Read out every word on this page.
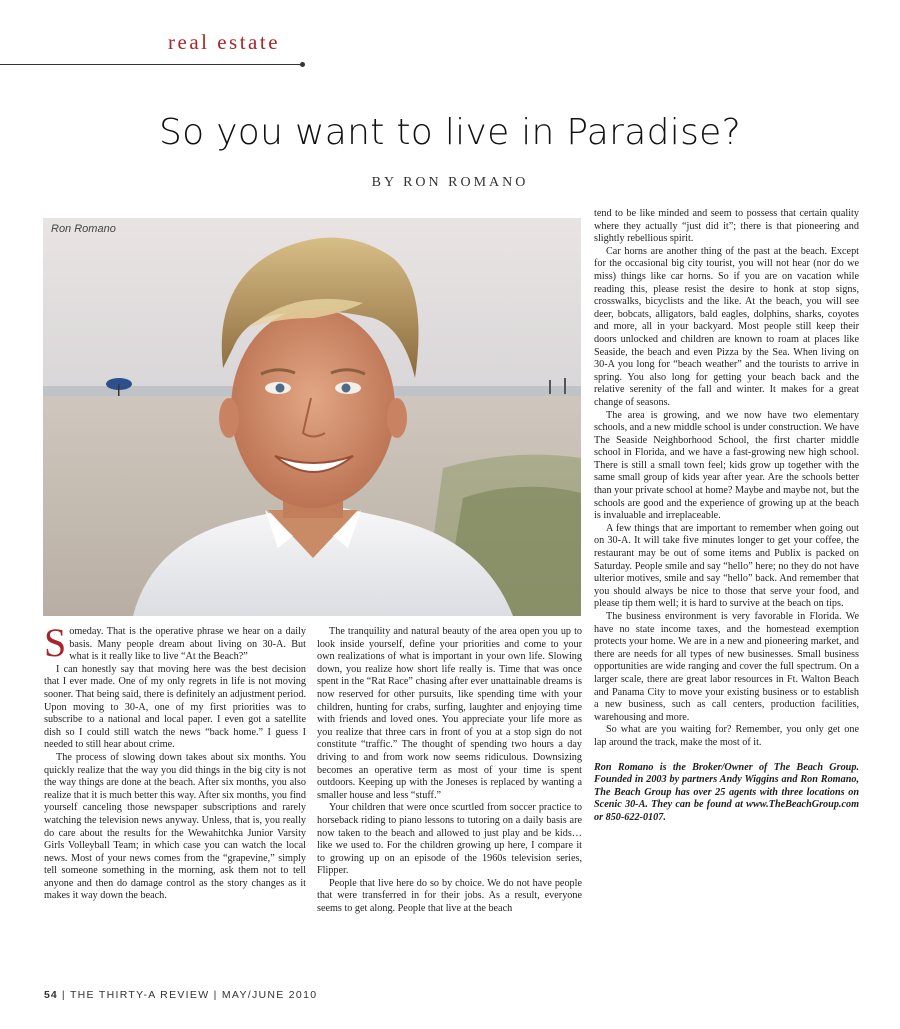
real estate
So you want to live in Paradise?
BY RON ROMANO
Ron Romano

Someday. That is the operative phrase we hear on a daily basis. Many people dream about living on 30-A. But what is it really like to live “At the Beach?”

I can honestly say that moving here was the best decision that I ever made. One of my only regrets in life is not moving sooner. That being said, there is definitely an adjustment period. Upon moving to 30-A, one of my first priorities was to subscribe to a national and local paper. I even got a satellite dish so I could still watch the news “back home.” I guess I needed to still hear about crime.

The process of slowing down takes about six months. You quickly realize that the way you did things in the big city is not the way things are done at the beach. After six months, you also realize that it is much better this way. After six months, you find yourself canceling those newspaper subscriptions and rarely watching the television news anyway. Unless, that is, you really do care about the results for the Wewahitchka Junior Varsity Girls Volleyball Team; in which case you can watch the local news. Most of your news comes from the “grapevine,” simply tell someone something in the morning, ask them not to tell anyone and then do damage control as the story changes as it makes it way down the beach.

The tranquility and natural beauty of the area open you up to look inside yourself, define your priorities and come to your own realizations of what is important in your own life. Slowing down, you realize how short life really is. Time that was once spent in the “Rat Race” chasing after ever unattainable dreams is now reserved for other pursuits, like spending time with your children, hunting for crabs, surfing, laughter and enjoying time with friends and loved ones. You appreciate your life more as you realize that three cars in front of you at a stop sign do not constitute “traffic.” The thought of spending two hours a day driving to and from work now seems ridiculous. Downsizing becomes an operative term as most of your time is spent outdoors. Keeping up with the Joneses is replaced by wanting a smaller house and less “stuff.”

Your children that were once scurtled from soccer practice to horseback riding to piano lessons to tutoring on a daily basis are now taken to the beach and allowed to just play and be kids…like we used to. For the children growing up here, I compare it to growing up on an episode of the 1960s television series, Flipper.

People that live here do so by choice. We do not have people that were transferred in for their jobs. As a result, everyone seems to get along. People that live at the beach

tend to be like minded and seem to possess that certain quality where they actually “just did it”; there is that pioneering and slightly rebellious spirit.

Car horns are another thing of the past at the beach. Except for the occasional big city tourist, you will not hear (nor do we miss) things like car horns. So if you are on vacation while reading this, please resist the desire to honk at stop signs, crosswalks, bicyclists and the like. At the beach, you will see deer, bobcats, alligators, bald eagles, dolphins, sharks, coyotes and more, all in your backyard. Most people still keep their doors unlocked and children are known to roam at places like Seaside, the beach and even Pizza by the Sea. When living on 30-A you long for “beach weather” and the tourists to arrive in spring. You also long for getting your beach back and the relative serenity of the fall and winter. It makes for a great change of seasons.

The area is growing, and we now have two elementary schools, and a new middle school is under construction. We have The Seaside Neighborhood School, the first charter middle school in Florida, and we have a fast-growing new high school. There is still a small town feel; kids grow up together with the same small group of kids year after year. Are the schools better than your private school at home? Maybe and maybe not, but the schools are good and the experience of growing up at the beach is invaluable and irreplaceable.

A few things that are important to remember when going out on 30-A. It will take five minutes longer to get your coffee, the restaurant may be out of some items and Publix is packed on Saturday. People smile and say “hello” here; no they do not have ulterior motives, smile and say “hello” back. And remember that you should always be nice to those that serve your food, and please tip them well; it is hard to survive at the beach on tips.

The business environment is very favorable in Florida. We have no state income taxes, and the homestead exemption protects your home. We are in a new and pioneering market, and there are needs for all types of new businesses. Small business opportunities are wide ranging and cover the full spectrum. On a larger scale, there are great labor resources in Ft. Walton Beach and Panama City to move your existing business or to establish a new business, such as call centers, production facilities, warehousing and more.

So what are you waiting for? Remember, you only get one lap around the track, make the most of it.

Ron Romano is the Broker/Owner of The Beach Group. Founded in 2003 by partners Andy Wiggins and Ron Romano, The Beach Group has over 25 agents with three locations on Scenic 30-A. They can be found at www.TheBeachGroup.com or 850-622-0107.

54 | THE THIRTY-A REVIEW | MAY/JUNE 2010
